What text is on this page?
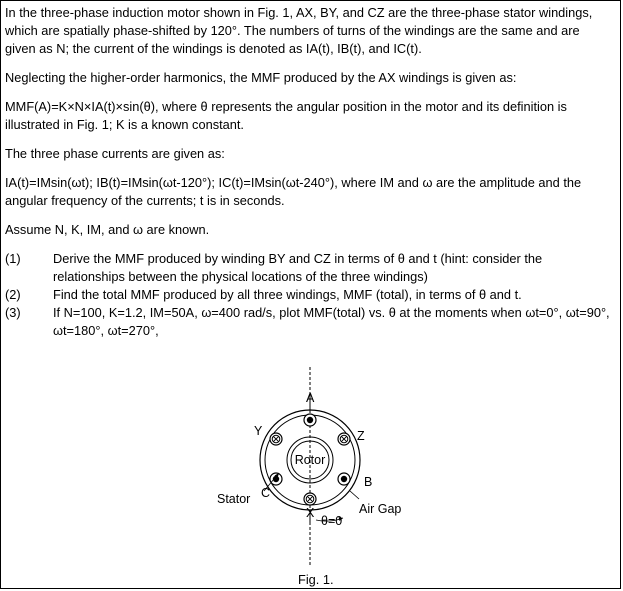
In the three-phase induction motor shown in Fig. 1, AX, BY, and CZ are the three-phase stator windings, which are spatially phase-shifted by 120°. The numbers of turns of the windings are the same and are given as N; the current of the windings is denoted as IA(t), IB(t), and IC(t).

Neglecting the higher-order harmonics, the MMF produced by the AX windings is given as:

MMF(A)=K×N×IA(t)×sin(θ), where θ represents the angular position in the motor and its definition is illustrated in Fig. 1; K is a known constant.

The three phase currents are given as:

IA(t)=IMsin(ωt); IB(t)=IMsin(ωt-120°); IC(t)=IMsin(ωt-240°), where IM and ω are the amplitude and the angular frequency of the currents; t is in seconds.

Assume N, K, IM, and ω are known.

(1)	Derive the MMF produced by winding BY and CZ in terms of θ and t (hint: consider the relationships between the physical locations of the three windings)
(2)	Find the total MMF produced by all three windings, MMF (total), in terms of θ and t.
(3)	If N=100, K=1.2, IM=50A, ω=400 rad/s, plot MMF(total) vs. θ at the moments when ωt=0°, ωt=90°, ωt=180°, ωt=270°,
A
X
Y	Z
B
C
Rotor
Stator
Air Gap
θ=0
Fig. 1.
